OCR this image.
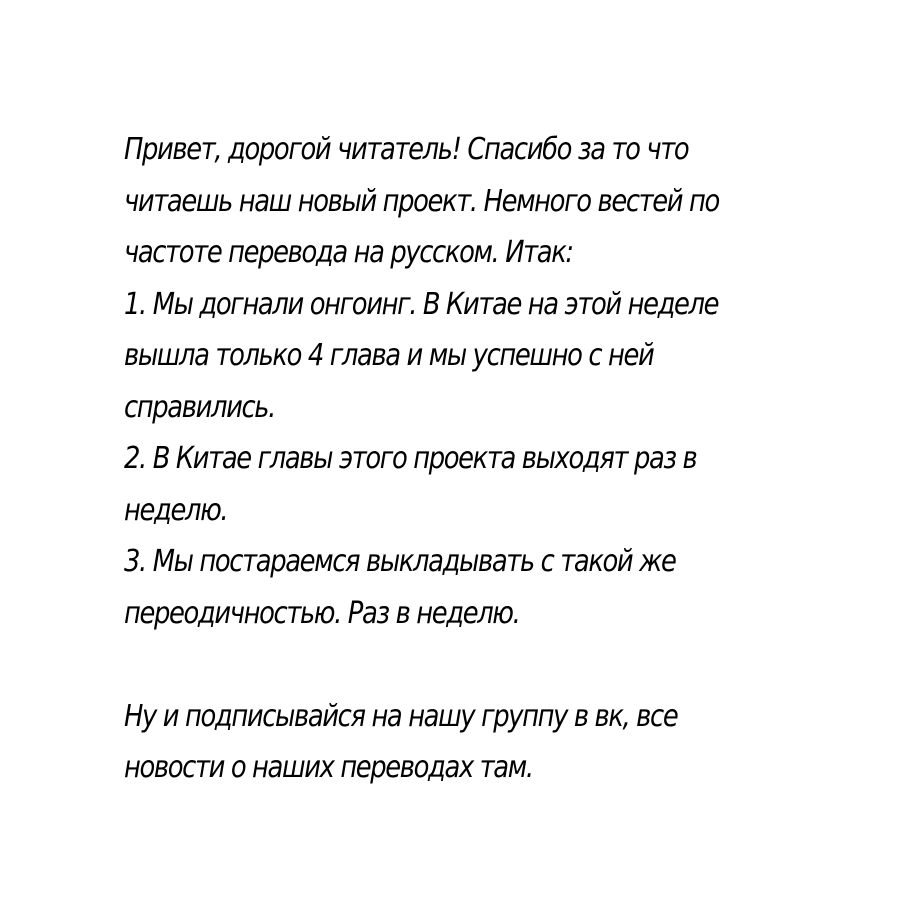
Привет, дорогой читатель! Спасибо за то что
читаешь наш новый проект. Немного вестей по
частоте перевода на русском. Итак:
1. Мы догнали онгоинг. В Китае на этой неделе
вышла только 4 глава и мы успешно с ней
справились.
2. В Китае главы этого проекта выходят раз в
неделю.
3. Мы постараемся выкладывать с такой же
переодичностью. Раз в неделю.
Ну и подписывайся на нашу группу в вк, все
новости о наших переводах там.
